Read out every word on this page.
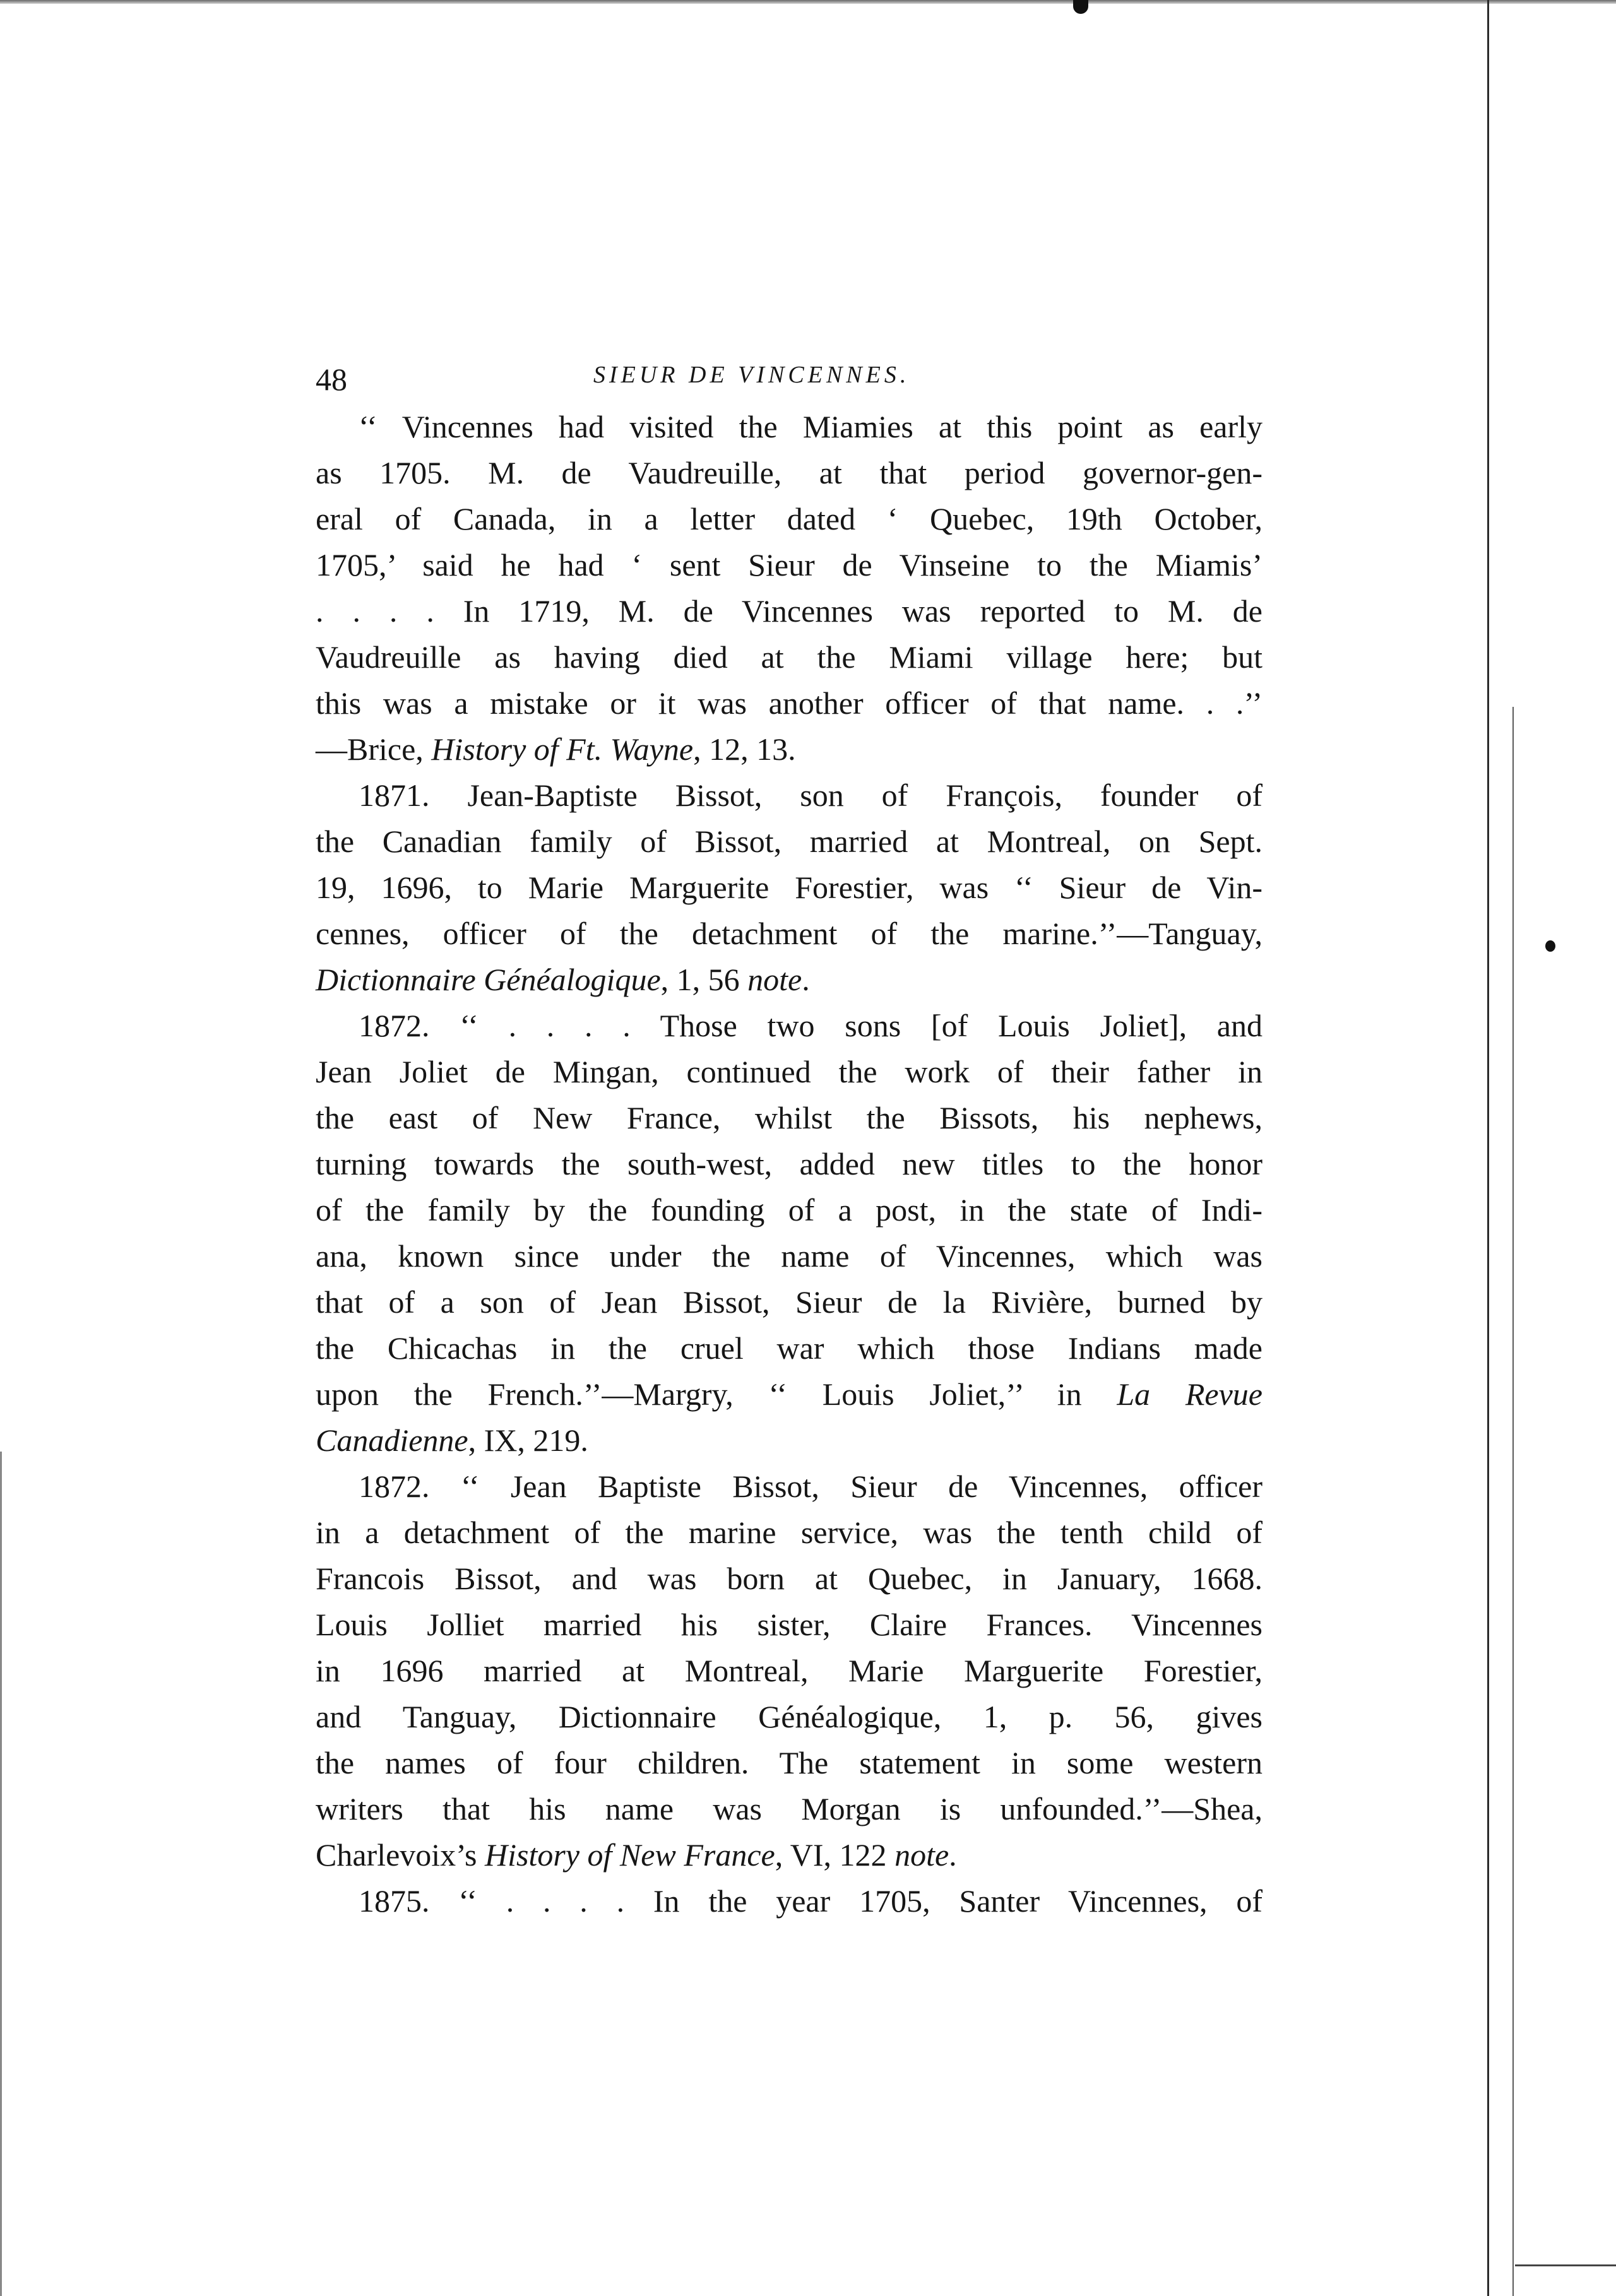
48	SIEUR DE VINCENNES.

‘‘ Vincennes had visited the Miamies at this point as early
as 1705. M. de Vaudreuille, at that period governor-gen-
eral of Canada, in a letter dated ‘ Quebec, 19th October,
1705,’ said he had ‘ sent Sieur de Vinseine to the Miamis’
. . . . In 1719, M. de Vincennes was reported to M. de
Vaudreuille as having died at the Miami village here; but
this was a mistake or it was another officer of that name. . .’’
—Brice, History of Ft. Wayne, 12, 13.

1871. Jean-Baptiste Bissot, son of François, founder of
the Canadian family of Bissot, married at Montreal, on Sept.
19, 1696, to Marie Marguerite Forestier, was ‘‘ Sieur de Vin-
cennes, officer of the detachment of the marine.’’—Tanguay,
Dictionnaire Généalogique, 1, 56 note.

1872. ‘‘ . . . . Those two sons [of Louis Joliet], and
Jean Joliet de Mingan, continued the work of their father in
the east of New France, whilst the Bissots, his nephews,
turning towards the south-west, added new titles to the honor
of the family by the founding of a post, in the state of Indi-
ana, known since under the name of Vincennes, which was
that of a son of Jean Bissot, Sieur de la Rivière, burned by
the Chicachas in the cruel war which those Indians made
upon the French.’’—Margry, ‘‘ Louis Joliet,’’ in La Revue
Canadienne, IX, 219.

1872. ‘‘ Jean Baptiste Bissot, Sieur de Vincennes, officer
in a detachment of the marine service, was the tenth child of
Francois Bissot, and was born at Quebec, in January, 1668.
Louis Jolliet married his sister, Claire Frances. Vincennes
in 1696 married at Montreal, Marie Marguerite Forestier,
and Tanguay, Dictionnaire Généalogique, 1, p. 56, gives
the names of four children. The statement in some western
writers that his name was Morgan is unfounded.’’—Shea,
Charlevoix’s History of New France, VI, 122 note.

1875. ‘‘ . . . . In the year 1705, Santer Vincennes, of
